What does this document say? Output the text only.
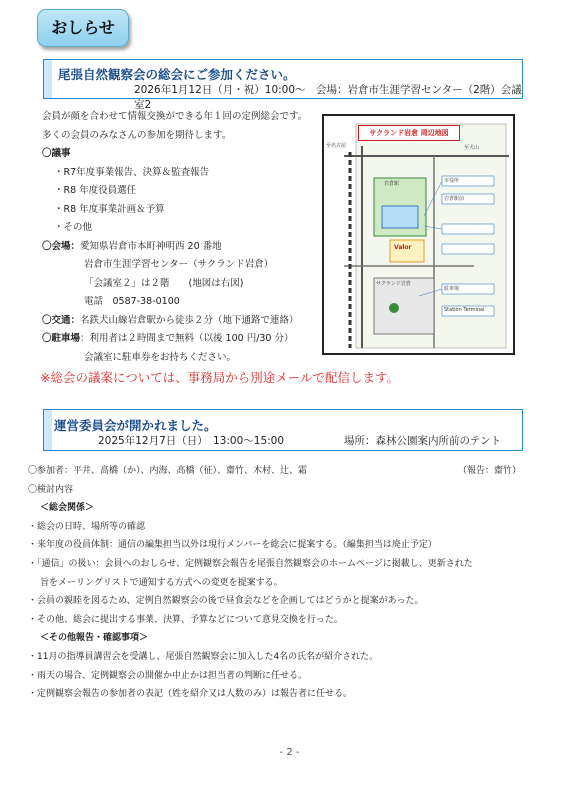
おしらせ
尾張自然観察会の総会にご参加ください。
2026年1月12日（月・祝）10:00〜　会場：岩倉市生涯学習センター（2階）会議室2
会員が顔を合わせて情報交換ができる年１回の定例総会です。
多くの会員のみなさんの参加を期待します。
〇議事
・R7年度事業報告、決算＆監査報告
・R8 年度役員選任
・R8 年度事業計画＆予算
・その他
〇会場：愛知県岩倉市本町神明西 20 番地
岩倉市生涯学習センター（サクランド岩倉）
「会議室２」は２階　　(地図は右図)
電話　0587-38-0100
〇交通：名鉄犬山線岩倉駅から徒歩２分（地下通路で連絡）
〇駐車場：利用者は２時間まで無料（以後 100 円/30 分）
会議室に駐車券をお持ちください。
サクランド岩倉 周辺地図
至名古屋
岩倉駅
Valor
サクランド岩倉
至犬山
市役所
岩倉駅前
駐車場
Station Terminal
※総会の議案については、事務局から別途メールで配信します。
運営委員会が開かれました。
2025年12月7日（日）　13:00〜15:00	場所：森林公園案内所前のテント
〇参加者：平井、高橋（か）、内海、高橋（征）、齋竹、木村、辻、霜	（報告：齋竹）
〇検討内容
＜総会関係＞
・総会の日時、場所等の確認
・来年度の役員体制：通信の編集担当以外は現行メンバーを総会に提案する。（編集担当は廃止予定）
・「通信」の扱い：会員へのおしらせ、定例観察会報告を尾張自然観察会のホームページに掲載し、更新された
旨をメーリングリストで通知する方式への変更を提案する。
・会員の親睦を図るため、定例自然観察会の後で昼食会などを企画してはどうかと提案があった。
・その他、総会に提出する事業、決算、予算などについて意見交換を行った。
＜その他報告・確認事項＞
・11月の指導員講習会を受講し、尾張自然観察会に加入した4名の氏名が紹介された。
・雨天の場合、定例観察会の開催か中止かは担当者の判断に任せる。
・定例観察会報告の参加者の表記（姓を紹介又は人数のみ）は報告者に任せる。
- 2 -
